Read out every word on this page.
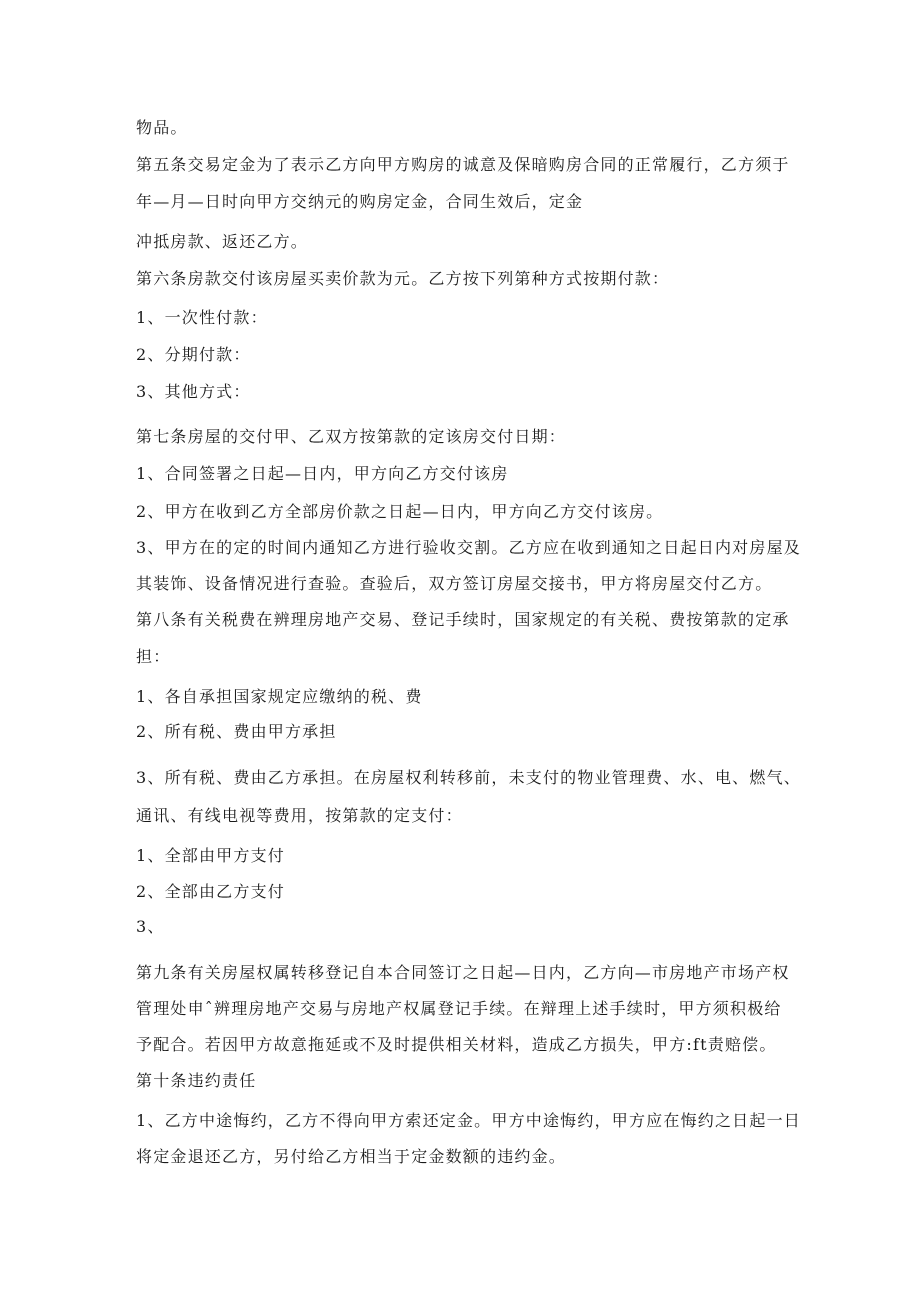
物品。
第五条交易定金为了表示乙方向甲方购房的诚意及保暗购房合同的正常履行，乙方须于
年—月—日时向甲方交纳元的购房定金，合同生效后，定金
冲抵房款、返还乙方。
第六条房款交付该房屋买卖价款为元。乙方按下列第种方式按期付款：
1、一次性付款：
2、分期付款：
3、其他方式：
第七条房屋的交付甲、乙双方按第款的定该房交付日期：
1、合同签署之日起—日内，甲方向乙方交付该房
2、甲方在收到乙方全部房价款之日起—日内，甲方向乙方交付该房。
3、甲方在的定的时间内通知乙方进行验收交割。乙方应在收到通知之日起日内对房屋及
其装饰、设备情况进行查验。查验后，双方签订房屋交接书，甲方将房屋交付乙方。
第八条有关税费在辨理房地产交易、登记手续时，国家规定的有关税、费按第款的定承
担：
1、各自承担国家规定应缴纳的税、费
2、所有税、费由甲方承担
3、所有税、费由乙方承担。在房屋权利转移前，未支付的物业管理费、水、电、燃气、
通讯、有线电视等费用，按第款的定支付：
1、全部由甲方支付
2、全部由乙方支付
3、
第九条有关房屋权属转移登记自本合同签订之日起—日内，乙方向—市房地产市场产权
管理处申ˆ辨理房地产交易与房地产权属登记手续。在辩理上述手续时，甲方须积极给
予配合。若因甲方故意拖延或不及时提供相关材料，造成乙方损失，甲方:ft责赔偿。
第十条违约责任
1、乙方中途悔约，乙方不得向甲方索还定金。甲方中途悔约，甲方应在悔约之日起一日
将定金退还乙方，另付给乙方相当于定金数额的违约金。
